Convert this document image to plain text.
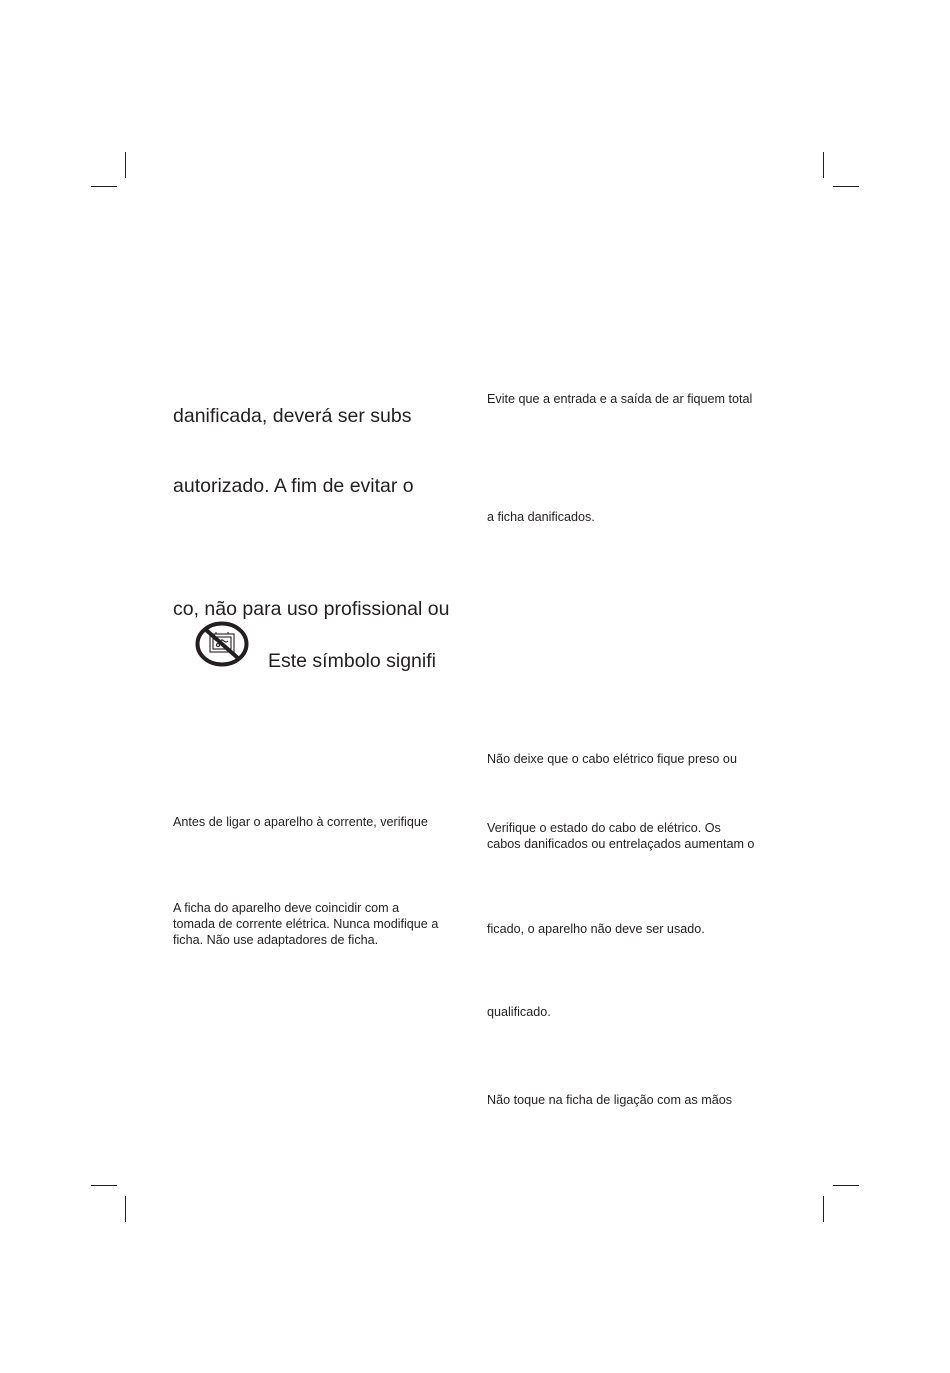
danificada, deverá ser subs
autorizado. A fim de evitar o
co, não para uso profissional ou
Este símbolo signifi
Antes de ligar o aparelho à corrente, verifique
A ficha do aparelho deve coincidir com a
tomada de corrente elétrica. Nunca modifique a
ficha. Não use adaptadores de ficha.
Evite que a entrada e a saída de ar fiquem total
a ficha danificados.
Não deixe que o cabo elétrico fique preso ou
Verifique o estado do cabo de elétrico. Os
cabos danificados ou entrelaçados aumentam o
ficado, o aparelho não deve ser usado.
qualificado.
Não toque na ficha de ligação com as mãos
